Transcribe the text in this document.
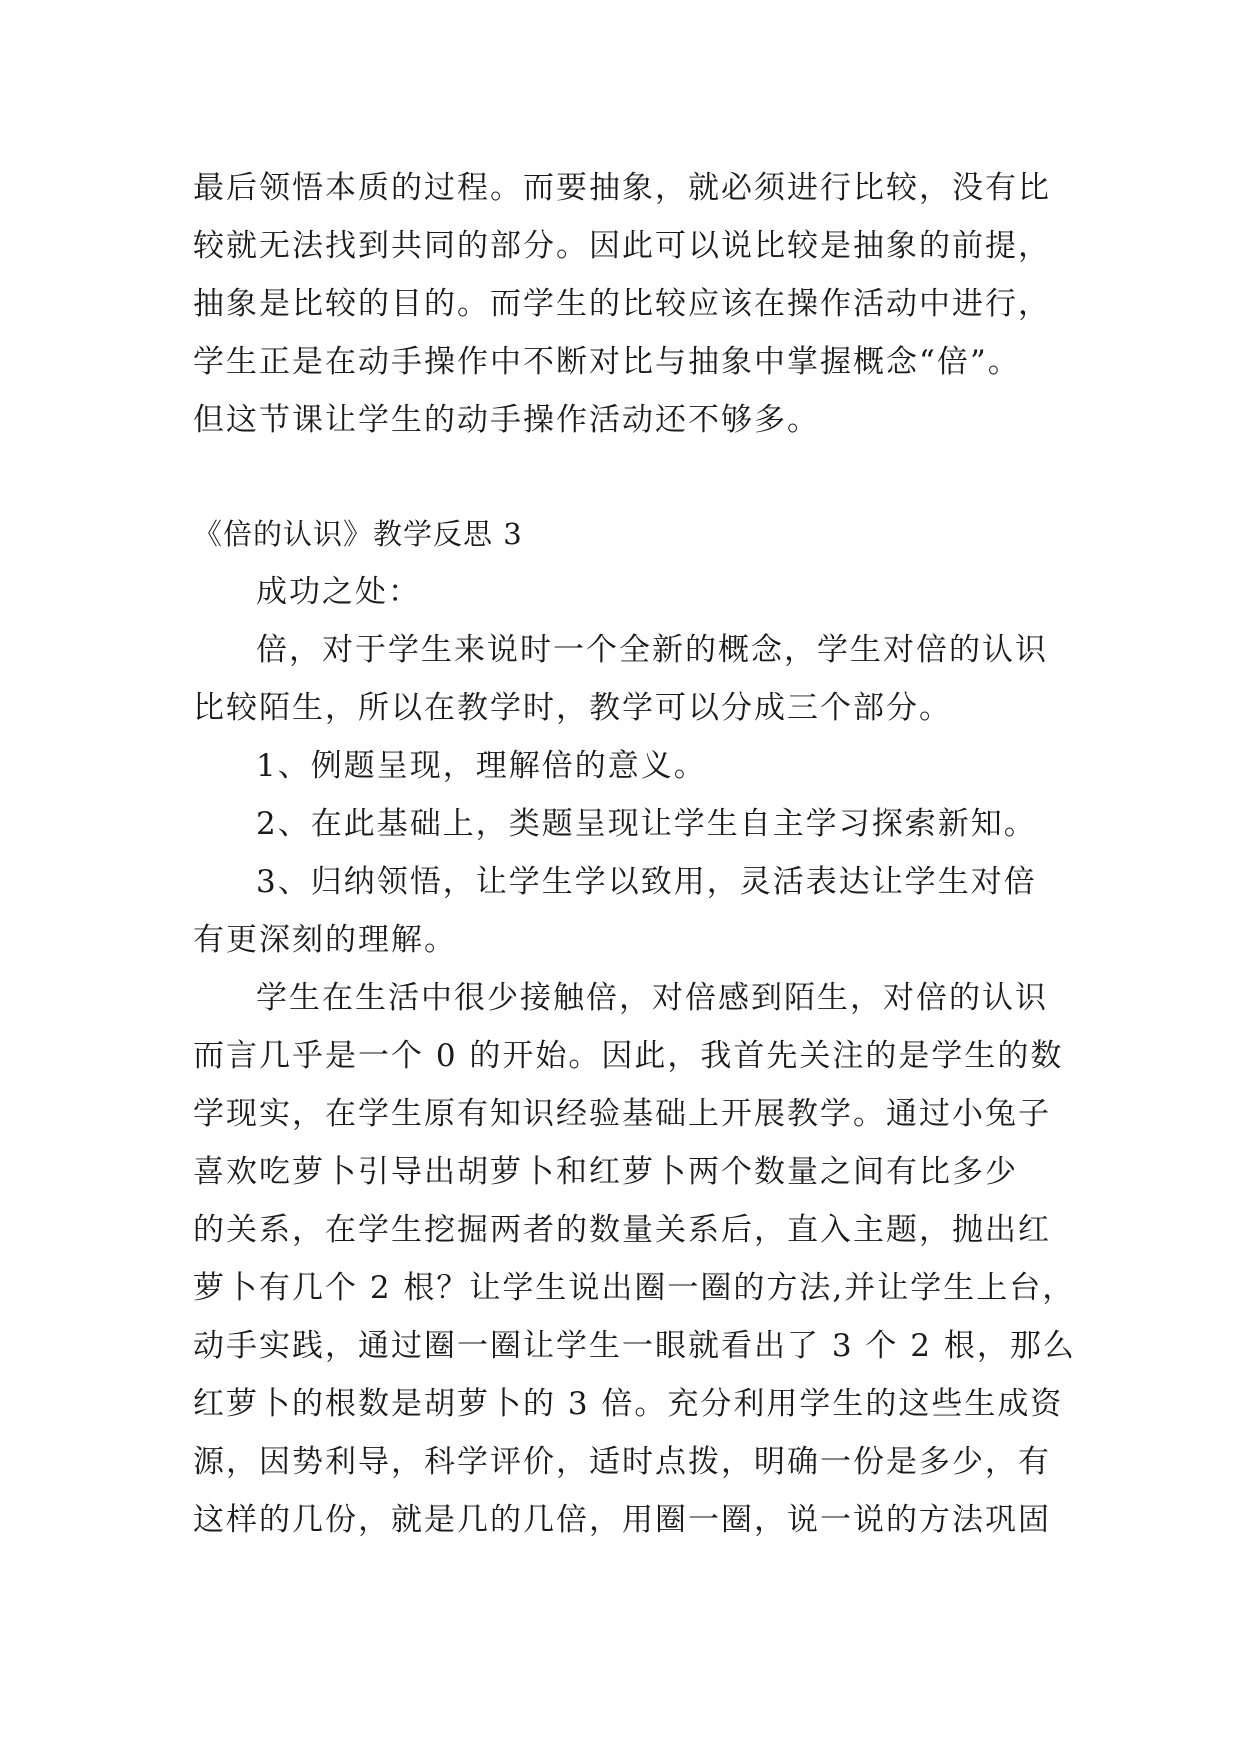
最后领悟本质的过程。而要抽象，就必须进行比较，没有比
较就无法找到共同的部分。因此可以说比较是抽象的前提，
抽象是比较的目的。而学生的比较应该在操作活动中进行，
学生正是在动手操作中不断对比与抽象中掌握概念“倍”。
但这节课让学生的动手操作活动还不够多。
《倍的认识》教学反思 3
成功之处：
倍，对于学生来说时一个全新的概念，学生对倍的认识
比较陌生，所以在教学时，教学可以分成三个部分。
1、例题呈现，理解倍的意义。
2、在此基础上，类题呈现让学生自主学习探索新知。
3、归纳领悟，让学生学以致用，灵活表达让学生对倍
有更深刻的理解。
学生在生活中很少接触倍，对倍感到陌生，对倍的认识
而言几乎是一个 0 的开始。因此，我首先关注的是学生的数
学现实，在学生原有知识经验基础上开展教学。通过小兔子
喜欢吃萝卜引导出胡萝卜和红萝卜两个数量之间有比多少
的关系，在学生挖掘两者的数量关系后，直入主题，抛出红
萝卜有几个 2 根？让学生说出圈一圈的方法,并让学生上台，
动手实践，通过圈一圈让学生一眼就看出了 3 个 2 根，那么
红萝卜的根数是胡萝卜的 3 倍。充分利用学生的这些生成资
源，因势利导，科学评价，适时点拨，明确一份是多少，有
这样的几份，就是几的几倍，用圈一圈，说一说的方法巩固
